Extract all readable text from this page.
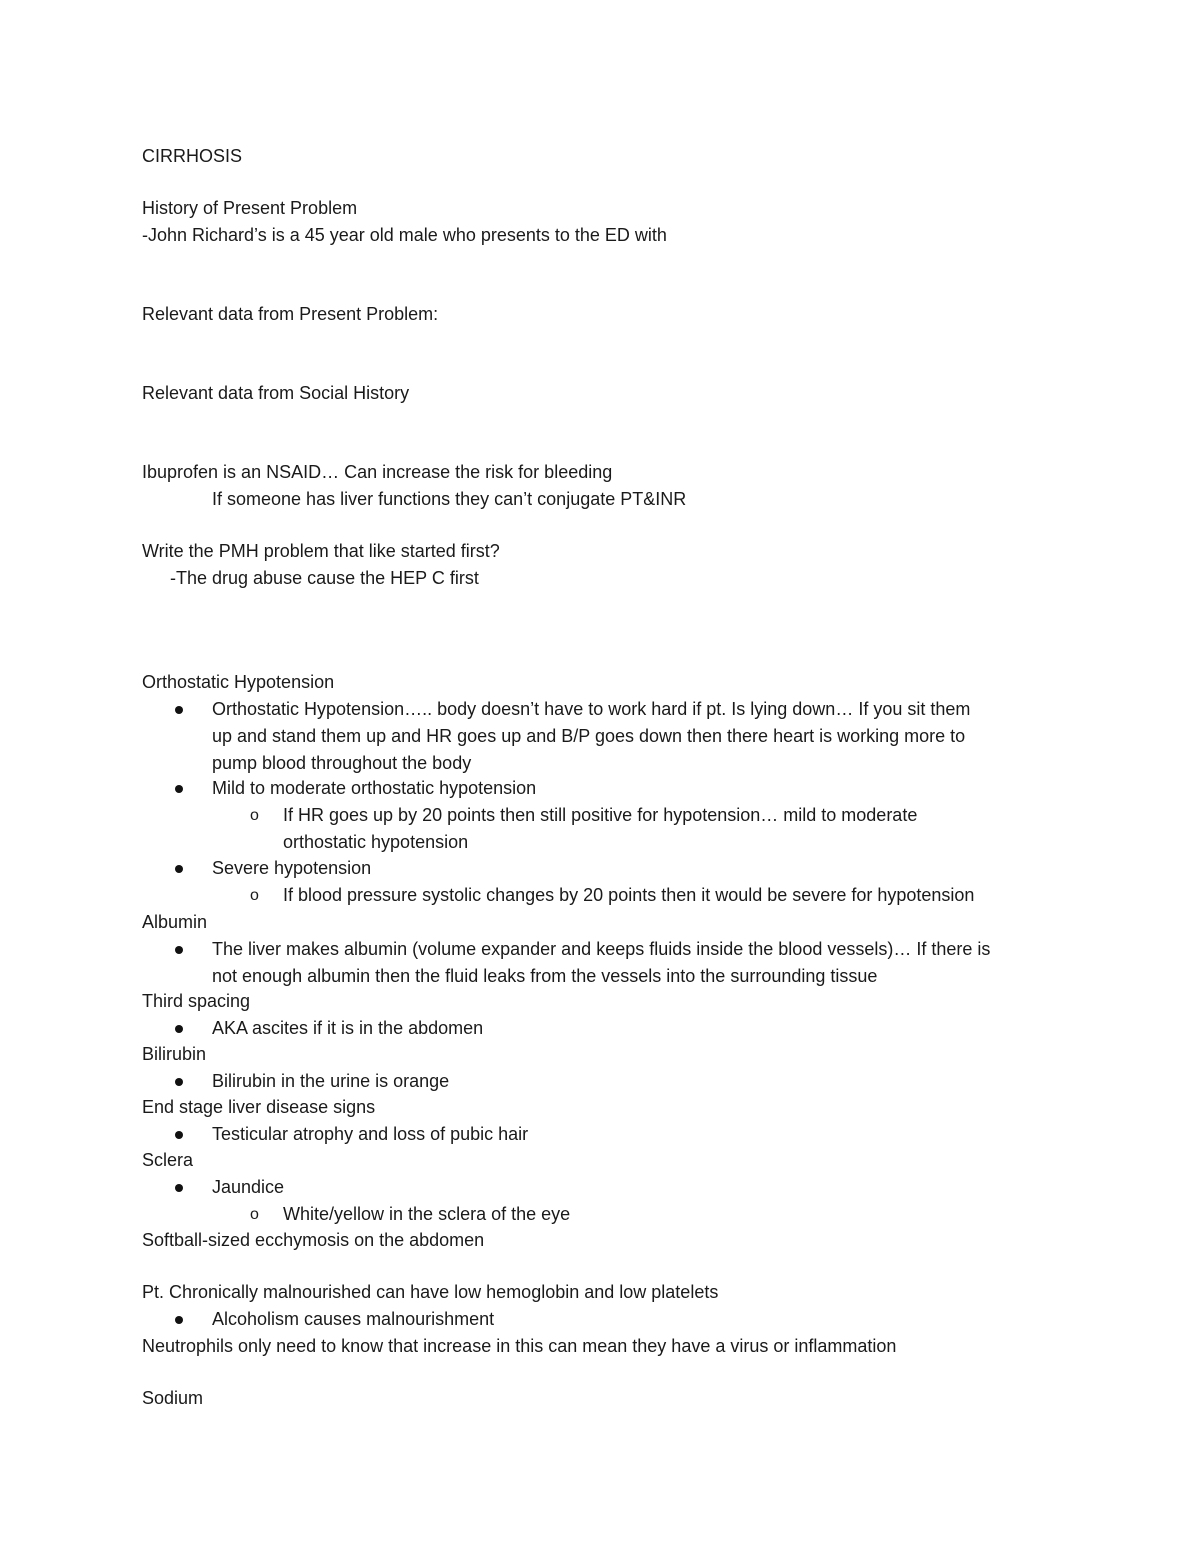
CIRRHOSIS
History of Present Problem
-John Richard’s is a 45 year old male who presents to the ED with
Relevant data from Present Problem:
Relevant data from Social History
Ibuprofen is an NSAID… Can increase the risk for bleeding
If someone has liver functions they can’t conjugate PT&INR
Write the PMH problem that like started first?
-The drug abuse cause the HEP C first
Orthostatic Hypotension
Orthostatic Hypotension….. body doesn’t have to work hard if pt. Is lying down… If you sit them
up and stand them up and HR goes up and B/P goes down then there heart is working more to
pump blood throughout the body
Mild to moderate orthostatic hypotension
o If HR goes up by 20 points then still positive for hypotension… mild to moderate
orthostatic hypotension
Severe hypotension
o If blood pressure systolic changes by 20 points then it would be severe for hypotension
Albumin
The liver makes albumin (volume expander and keeps fluids inside the blood vessels)… If there is
not enough albumin then the fluid leaks from the vessels into the surrounding tissue
Third spacing
AKA ascites if it is in the abdomen
Bilirubin
Bilirubin in the urine is orange
End stage liver disease signs
Testicular atrophy and loss of pubic hair
Sclera
Jaundice
o White/yellow in the sclera of the eye
Softball-sized ecchymosis on the abdomen
Pt. Chronically malnourished can have low hemoglobin and low platelets
Alcoholism causes malnourishment
Neutrophils only need to know that increase in this can mean they have a virus or inflammation
Sodium
